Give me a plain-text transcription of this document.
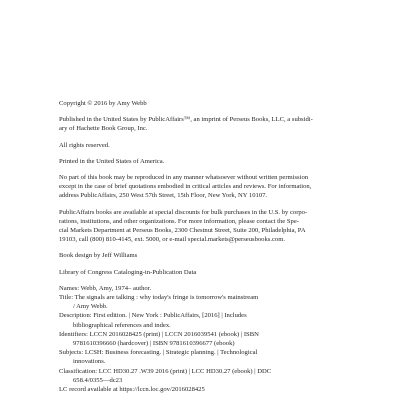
Copyright © 2016 by Amy Webb
Published in the United States by PublicAffairs™, an imprint of Perseus Books, LLC, a subsidi-
ary of Hachette Book Group, Inc.
All rights reserved.
Printed in the United States of America.
No part of this book may be reproduced in any manner whatsoever without written permission
except in the case of brief quotations embodied in critical articles and reviews. For information,
address PublicAffairs, 250 West 57th Street, 15th Floor, New York, NY 10107.
PublicAffairs books are available at special discounts for bulk purchases in the U.S. by corpo-
rations, institutions, and other organizations. For more information, please contact the Spe-
cial Markets Department at Perseus Books, 2300 Chestnut Street, Suite 200, Philadelphia, PA
19103, call (800) 810-4145, ext. 5000, or e-mail special.markets@perseusbooks.com.
Book design by Jeff Williams
Library of Congress Cataloging-in-Publication Data
Names: Webb, Amy, 1974– author.
Title: The signals are talking : why today's fringe is tomorrow's mainstream
/ Amy Webb.
Description: First edition. | New York : PublicAffairs, [2016] | Includes
bibliographical references and index.
Identifiers: LCCN 2016028425 (print) | LCCN 2016039541 (ebook) | ISBN
9781610396660 (hardcover) | ISBN 9781610396677 (ebook)
Subjects: LCSH: Business forecasting. | Strategic planning. | Technological
innovations.
Classification: LCC HD30.27 .W39 2016 (print) | LCC HD30.27 (ebook) | DDC
658.4/0355—dc23
LC record available at https://lccn.loc.gov/2016028425
